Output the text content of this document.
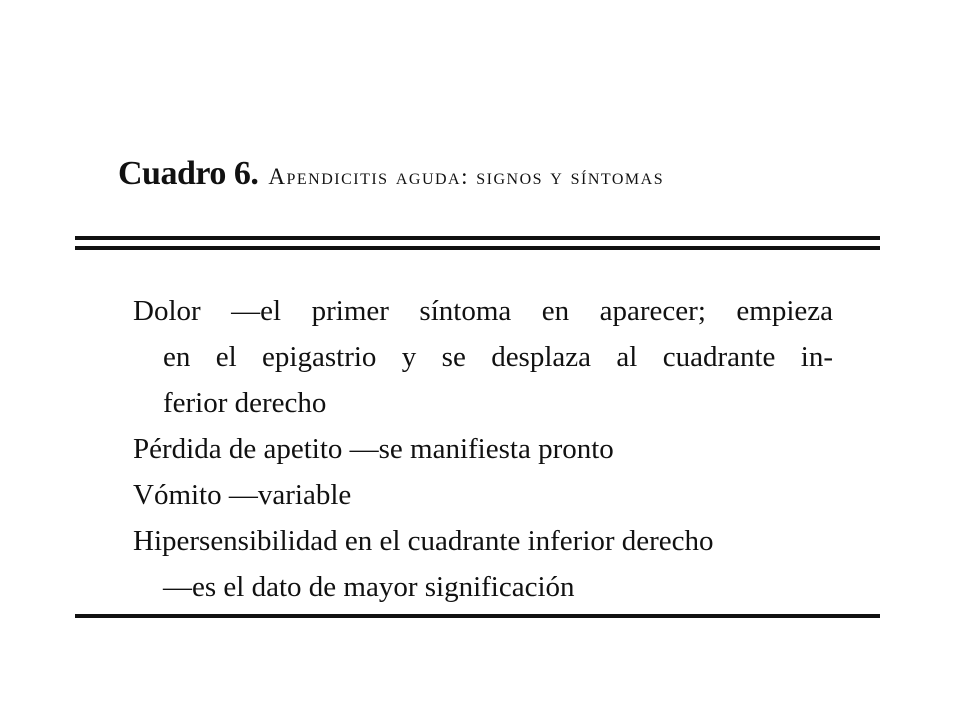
Cuadro 6. Apendicitis aguda: signos y síntomas
Dolor —el primer síntoma en aparecer; empieza
en el epigastrio y se desplaza al cuadrante in-
ferior derecho
Pérdida de apetito —se manifiesta pronto
Vómito —variable
Hipersensibilidad en el cuadrante inferior derecho
—es el dato de mayor significación
